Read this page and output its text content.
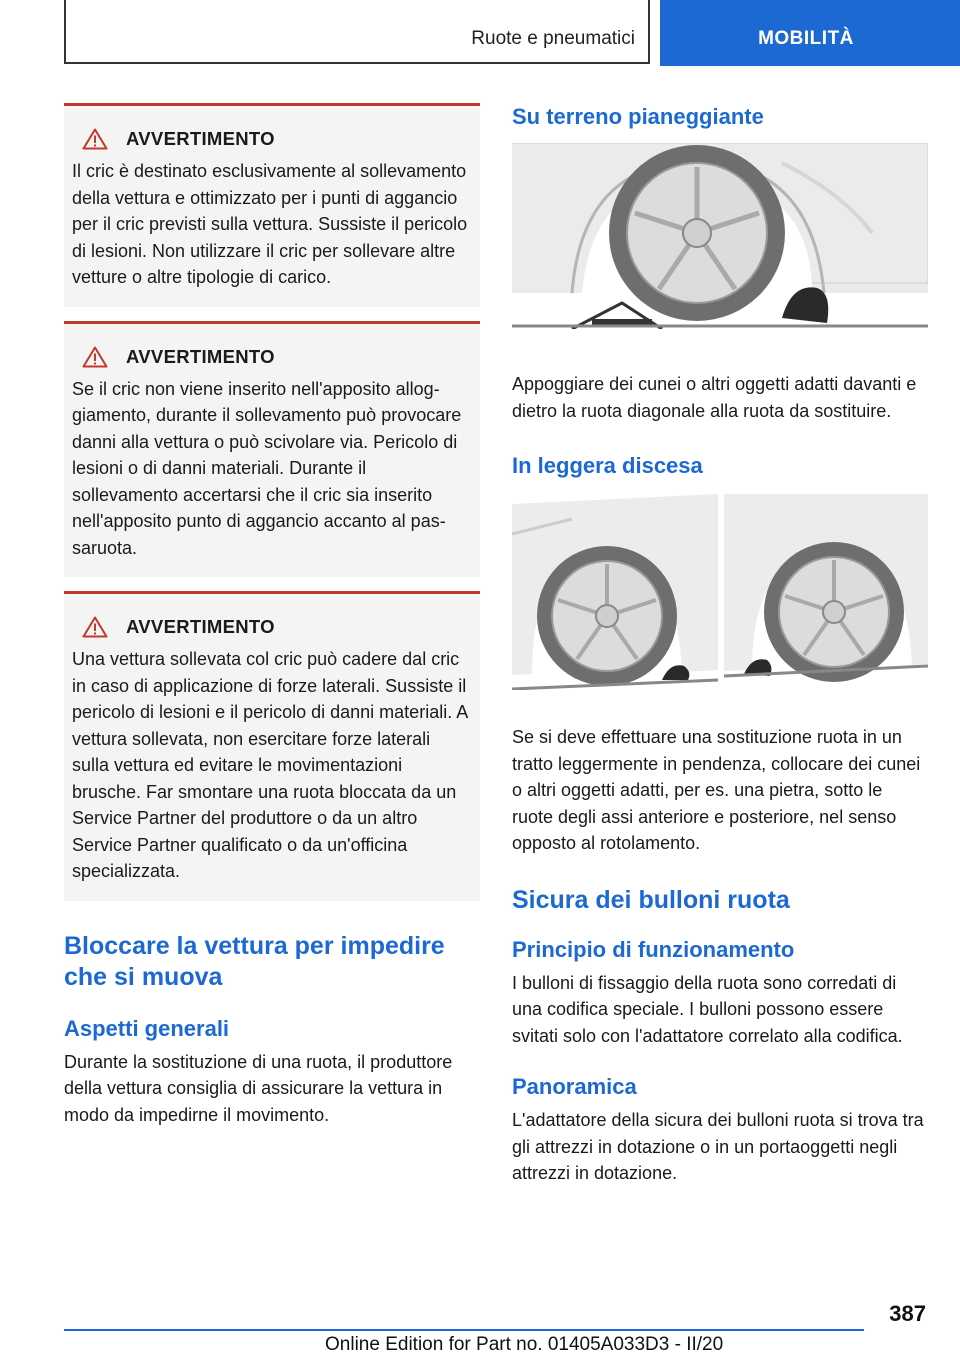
Ruote e pneumatici	MOBILITÀ
AVVERTIMENTO
Il cric è destinato esclusivamente al sollevamento della vettura e ottimizzato per i punti di aggancio per il cric previsti sulla vettura. Sussiste il pericolo di lesioni. Non utilizzare il cric per sollevare altre vetture o altre tipologie di carico.
AVVERTIMENTO
Se il cric non viene inserito nell'apposito alloggiamento, durante il sollevamento può provocare danni alla vettura o può scivolare via. Pericolo di lesioni o di danni materiali. Durante il sollevamento accertarsi che il cric sia inserito nell'apposito punto di aggancio accanto al passaruota.
AVVERTIMENTO
Una vettura sollevata col cric può cadere dal cric in caso di applicazione di forze laterali. Sussiste il pericolo di lesioni e il pericolo di danni materiali. A vettura sollevata, non esercitare forze laterali sulla vettura ed evitare le movimentazioni brusche. Far smontare una ruota bloccata da un Service Partner del produttore o da un altro Service Partner qualificato o da un'officina specializzata.
Bloccare la vettura per impedire che si muova
Aspetti generali

Durante la sostituzione di una ruota, il produttore della vettura consiglia di assicurare la vettura in modo da impedirne il movimento.

Su terreno pianeggiante

Appoggiare dei cunei o altri oggetti adatti davanti e dietro la ruota diagonale alla ruota da sostituire.

In leggera discesa

Se si deve effettuare una sostituzione ruota in un tratto leggermente in pendenza, collocare dei cunei o altri oggetti adatti, per es. una pietra, sotto le ruote degli assi anteriore e posteriore, nel senso opposto al rotolamento.

Sicura dei bulloni ruota
Principio di funzionamento

I bulloni di fissaggio della ruota sono corredati di una codifica speciale. I bulloni possono essere svitati solo con l'adattatore correlato alla codifica.

Panoramica

L'adattatore della sicura dei bulloni ruota si trova tra gli attrezzi in dotazione o in un portaoggetti negli attrezzi in dotazione.

387
Online Edition for Part no. 01405A033D3 - II/20
